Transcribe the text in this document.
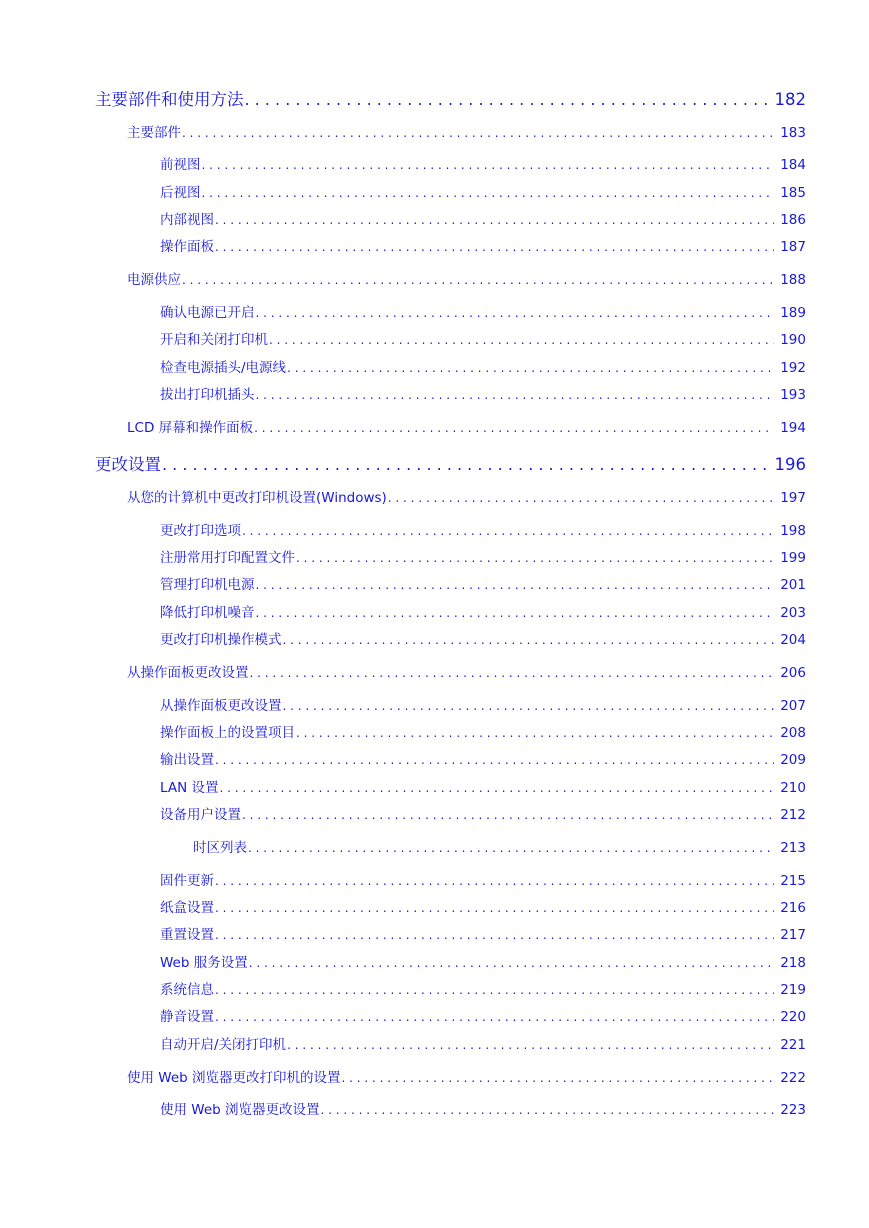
主要部件和使用方法 . . .	182
主要部件 . . .	183
前视图 . . .	184
后视图 . . .	185
内部视图 . . .	186
操作面板 . . .	187
电源供应 . . .	188
确认电源已开启 . . .	189
开启和关闭打印机 . . .	190
检查电源插头/电源线 . . .	192
拔出打印机插头 . . .	193
LCD 屏幕和操作面板 . . .	194
更改设置 . . .	196
从您的计算机中更改打印机设置(Windows) . . .	197
更改打印选项 . . .	198
注册常用打印配置文件 . . .	199
管理打印机电源 . . .	201
降低打印机噪音 . . .	203
更改打印机操作模式 . . .	204
从操作面板更改设置 . . .	206
从操作面板更改设置 . . .	207
操作面板上的设置项目 . . .	208
输出设置 . . .	209
LAN 设置 . . .	210
设备用户设置 . . .	212
时区列表 . . .	213
固件更新 . . .	215
纸盒设置 . . .	216
重置设置 . . .	217
Web 服务设置 . . .	218
系统信息 . . .	219
静音设置 . . .	220
自动开启/关闭打印机 . . .	221
使用 Web 浏览器更改打印机的设置 . . .	222
使用 Web 浏览器更改设置 . . .	223
